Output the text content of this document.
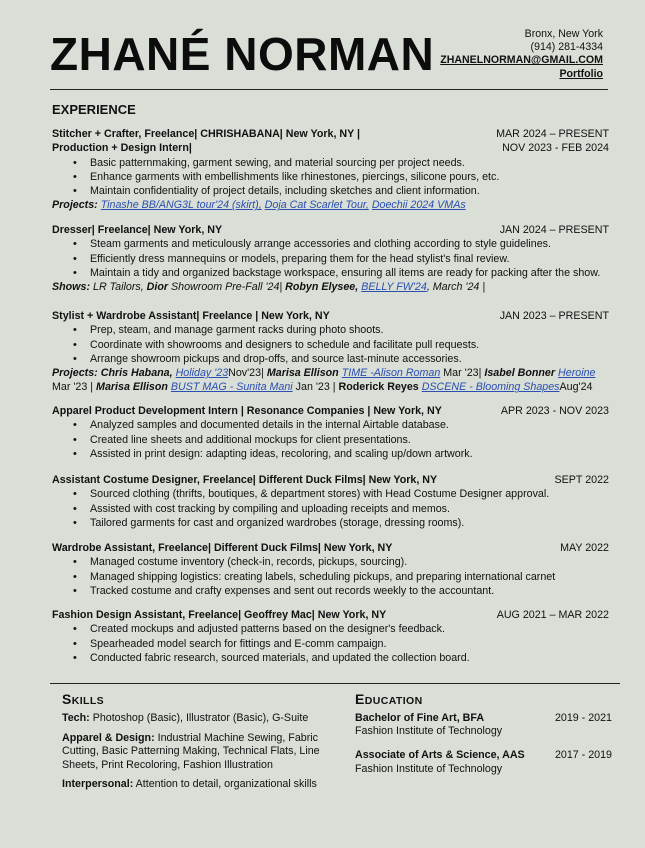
ZHANÉ NORMAN	Bronx, New York
(914) 281-4334
ZHANELNORMAN@GMAIL.COM
Portfolio
EXPERIENCE
Stitcher + Crafter, Freelance| CHRISHABANA| New York, NY |	MAR 2024 – PRESENT
Production + Design Intern|	NOV 2023 - FEB 2024
• Basic patternmaking, garment sewing, and material sourcing per project needs.
• Enhance garments with embellishments like rhinestones, piercings, silicone pours, etc.
• Maintain confidentiality of project details, including sketches and client information.
Projects: Tinashe BB/ANG3L tour'24 (skirt), Doja Cat Scarlet Tour, Doechii 2024 VMAs
Dresser| Freelance| New York, NY	JAN 2024 – PRESENT
• Steam garments and meticulously arrange accessories and clothing according to style guidelines.
• Efficiently dress mannequins or models, preparing them for the head stylist's final review.
• Maintain a tidy and organized backstage workspace, ensuring all items are ready for packing after the show.
Shows: LR Tailors, Dior Showroom Pre-Fall '24| Robyn Elysee, BELLY FW'24, March '24 |
Stylist + Wardrobe Assistant| Freelance | New York, NY	JAN 2023 – PRESENT
• Prep, steam, and manage garment racks during photo shoots.
• Coordinate with showrooms and designers to schedule and facilitate pull requests.
• Arrange showroom pickups and drop-offs, and source last-minute accessories.
Projects: Chris Habana, Holiday '23Nov'23| Marisa Ellison TIME -Alison Roman Mar '23| Isabel Bonner Heroine
Mar '23 | Marisa Ellison BUST MAG - Sunita Mani Jan '23 | Roderick Reyes DSCENE - Blooming ShapesAug'24
Apparel Product Development Intern | Resonance Companies | New York, NY	APR 2023 - NOV 2023
• Analyzed samples and documented details in the internal Airtable database.
• Created line sheets and additional mockups for client presentations.
• Assisted in print design: adapting ideas, recoloring, and scaling up/down artwork.
Assistant Costume Designer, Freelance| Different Duck Films| New York, NY	SEPT 2022
• Sourced clothing (thrifts, boutiques, & department stores) with Head Costume Designer approval.
• Assisted with cost tracking by compiling and uploading receipts and memos.
• Tailored garments for cast and organized wardrobes (storage, dressing rooms).
Wardrobe Assistant, Freelance| Different Duck Films| New York, NY	MAY 2022
• Managed costume inventory (check-in, records, pickups, sourcing).
• Managed shipping logistics: creating labels, scheduling pickups, and preparing international carnet
• Tracked costume and crafty expenses and sent out records weekly to the accountant.
Fashion Design Assistant, Freelance| Geoffrey Mac| New York, NY	AUG 2021 – MAR 2022
• Created mockups and adjusted patterns based on the designer's feedback.
• Spearheaded model search for fittings and E-comm campaign.
• Conducted fabric research, sourced materials, and updated the collection board.
SKILLS

Tech: Photoshop (Basic), Illustrator (Basic), G-Suite

Apparel & Design: Industrial Machine Sewing, Fabric Cutting, Basic Patterning Making, Technical Flats, Line Sheets, Print Recoloring, Fashion Illustration

Interpersonal: Attention to detail, organizational skills

EDUCATION
Bachelor of Fine Art, BFA	2019 - 2021
Fashion Institute of Technology
Associate of Arts & Science, AAS	2017 - 2019
Fashion Institute of Technology
